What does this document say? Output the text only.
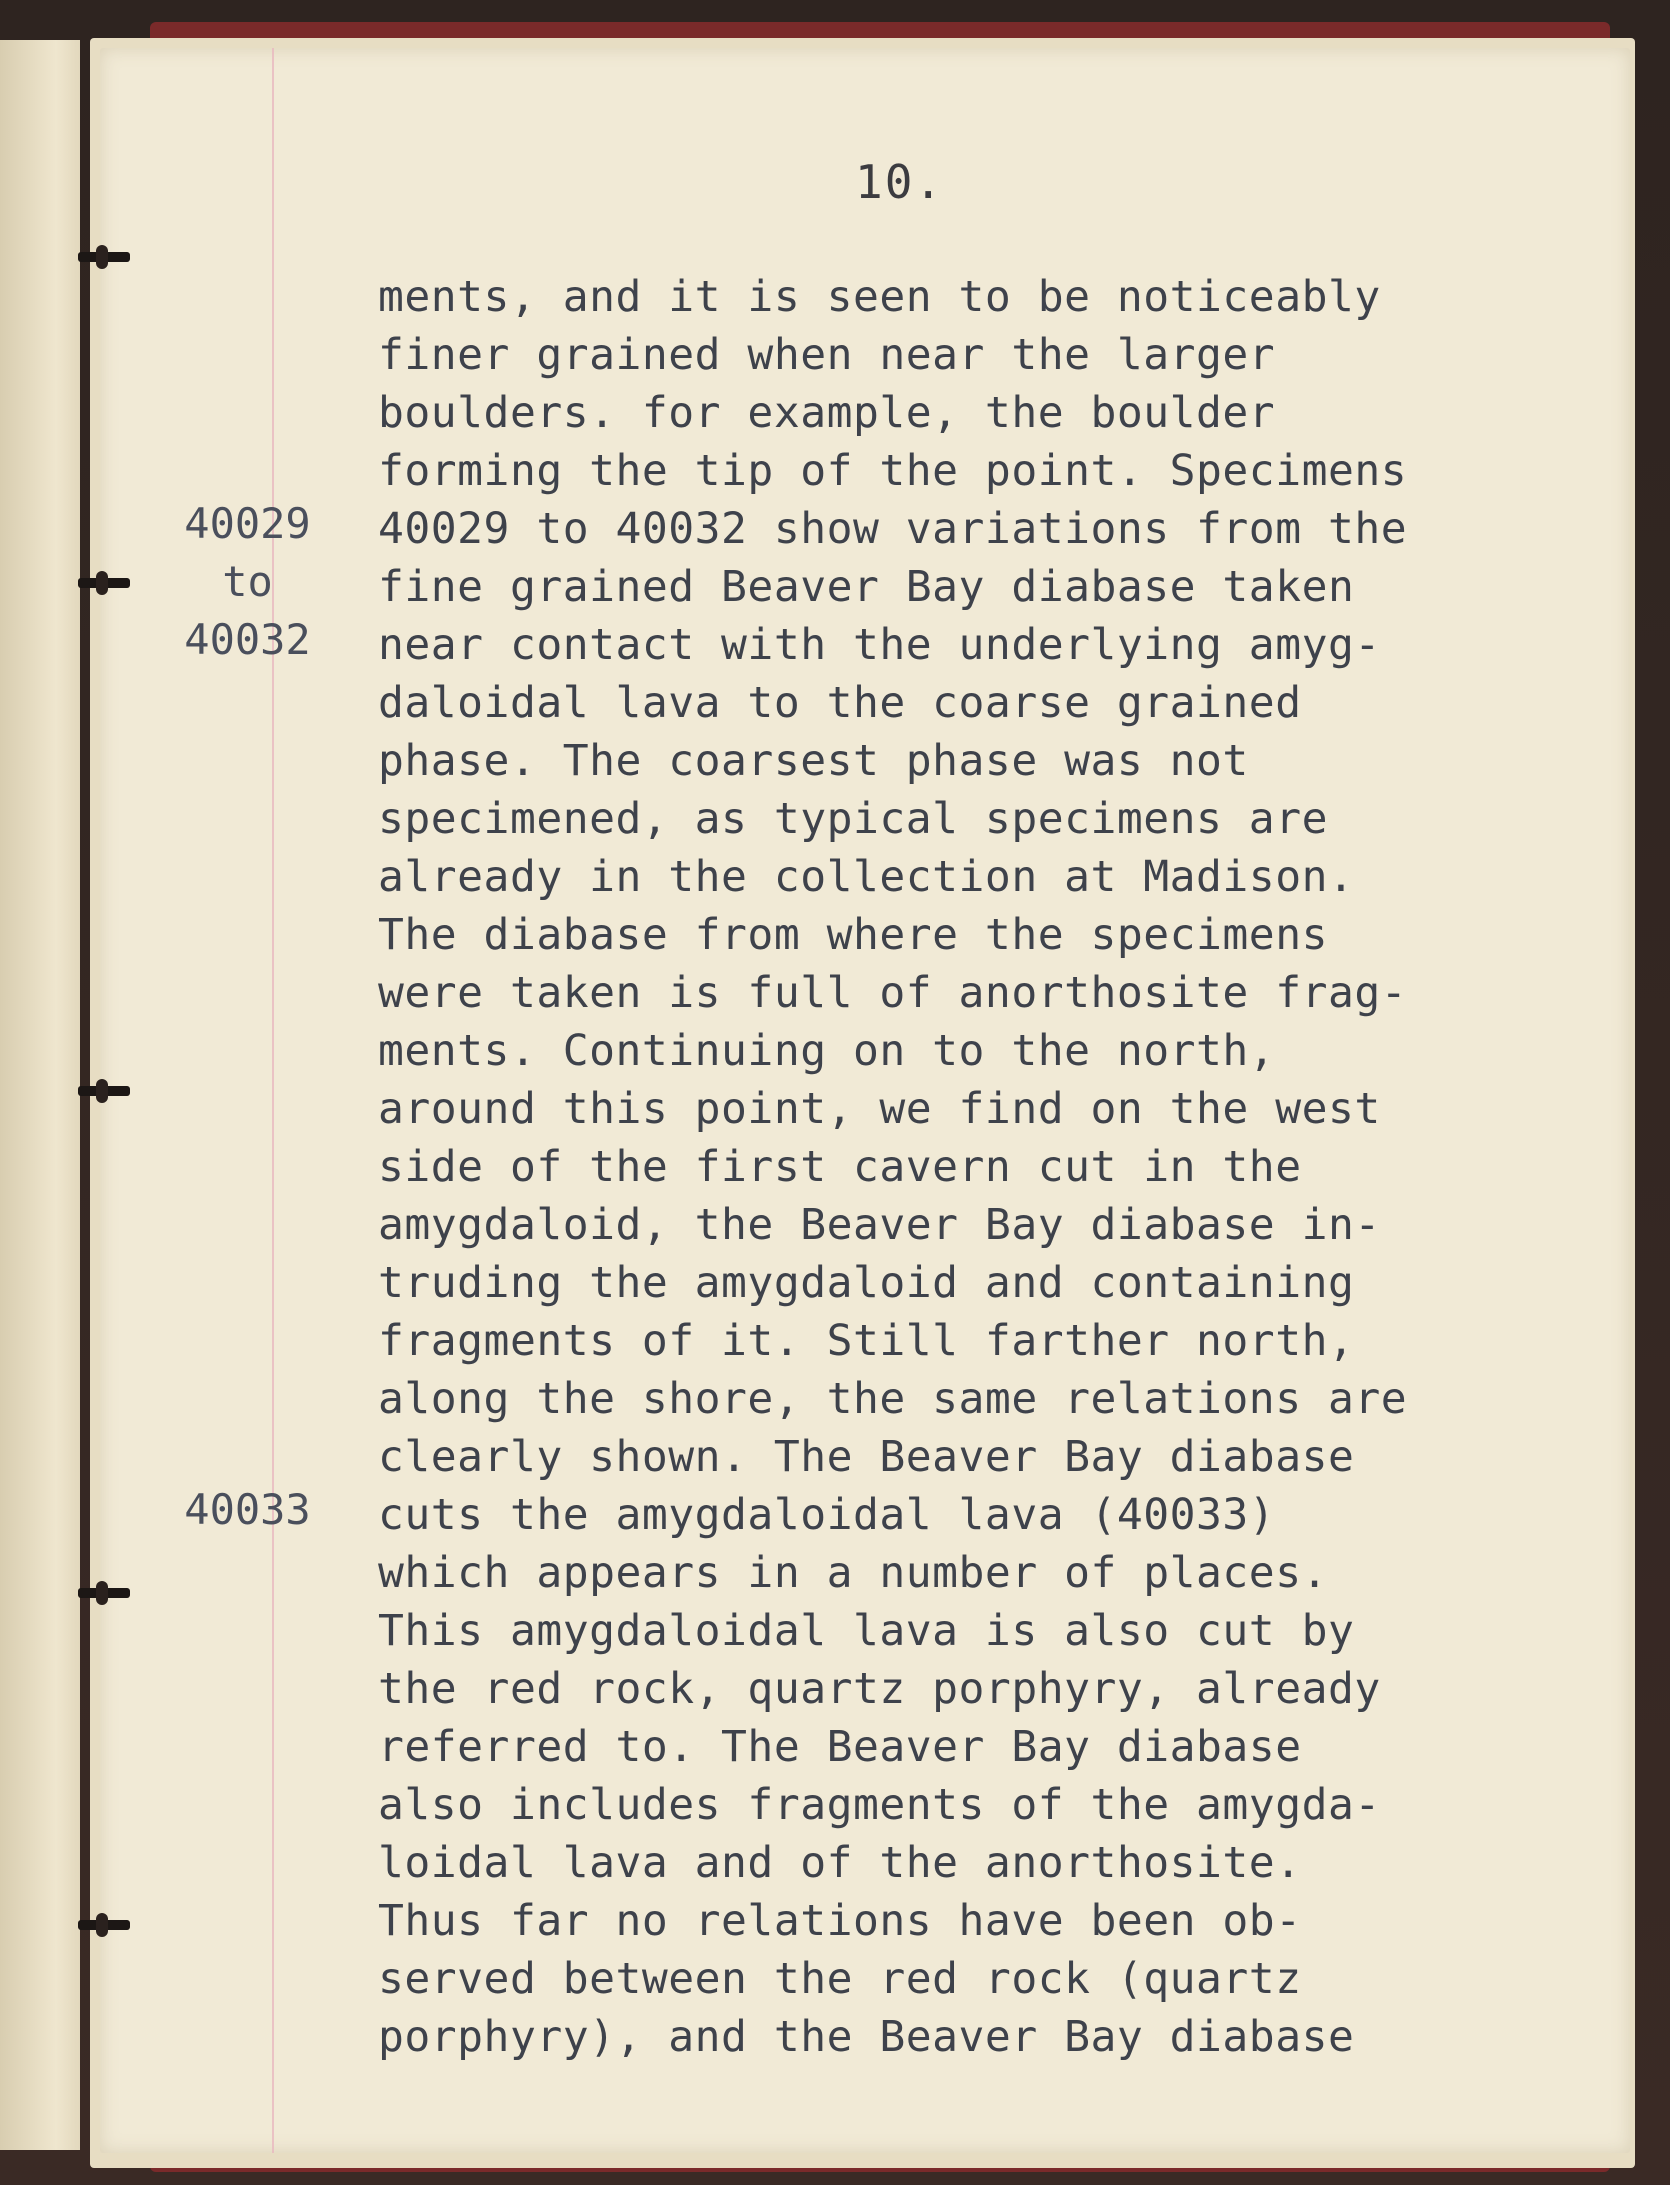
10.
40029
to
40032
40033
ments, and it is seen to be noticeably
finer grained when near the larger
boulders. for example, the boulder
forming the tip of the point. Specimens
40029 to 40032 show variations from the
fine grained Beaver Bay diabase taken
near contact with the underlying amyg-
daloidal lava to the coarse grained
phase. The coarsest phase was not
specimened, as typical specimens are
already in the collection at Madison.
The diabase from where the specimens
were taken is full of anorthosite frag-
ments. Continuing on to the north,
around this point, we find on the west
side of the first cavern cut in the
amygdaloid, the Beaver Bay diabase in-
truding the amygdaloid and containing
fragments of it. Still farther north,
along the shore, the same relations are
clearly shown. The Beaver Bay diabase
cuts the amygdaloidal lava (40033)
which appears in a number of places.
This amygdaloidal lava is also cut by
the red rock, quartz porphyry, already
referred to. The Beaver Bay diabase
also includes fragments of the amygda-
loidal lava and of the anorthosite.
Thus far no relations have been ob-
served between the red rock (quartz
porphyry), and the Beaver Bay diabase
